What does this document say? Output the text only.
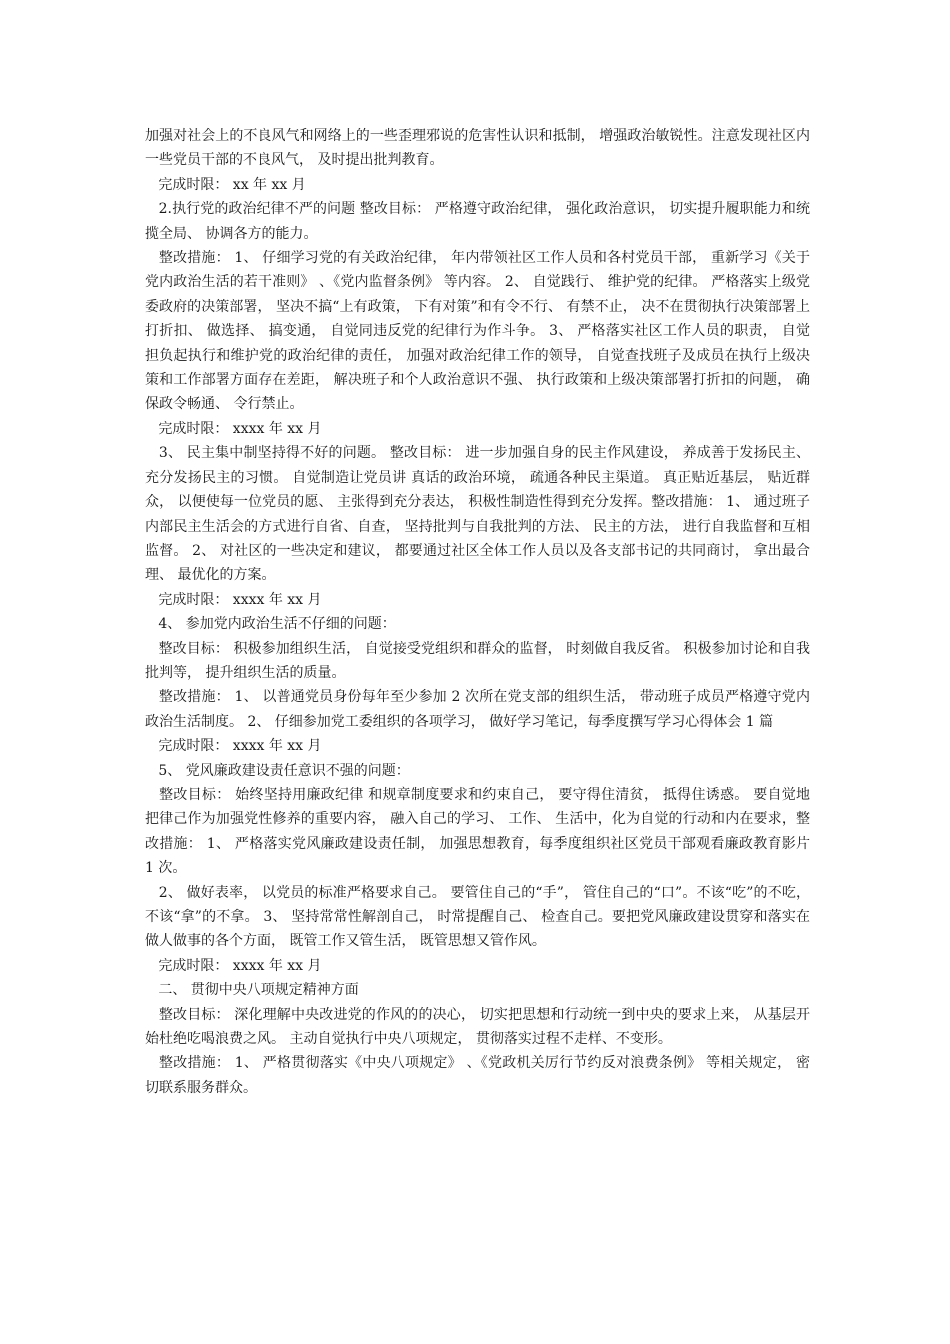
加强对社会上的不良风气和网络上的一些歪理邪说的危害性认识和抵制， 增强政治敏锐性。注意发现社区内一些党员干部的不良风气， 及时提出批判教育。

完成时限： xx 年 xx 月

2.执行党的政治纪律不严的问题 整改目标： 严格遵守政治纪律， 强化政治意识， 切实提升履职能力和统揽全局、 协调各方的能力。

整改措施： 1、 仔细学习党的有关政治纪律， 年内带领社区工作人员和各村党员干部， 重新学习《关于党内政治生活的若干准则》 、《党内监督条例》 等内容。 2、 自觉践行、 维护党的纪律。 严格落实上级党委政府的决策部署， 坚决不搞“上有政策， 下有对策”和有令不行、 有禁不止， 决不在贯彻执行决策部署上打折扣、 做选择、 搞变通， 自觉同违反党的纪律行为作斗争。 3、 严格落实社区工作人员的职责， 自觉担负起执行和维护党的政治纪律的责任， 加强对政治纪律工作的领导， 自觉查找班子及成员在执行上级决策和工作部署方面存在差距， 解决班子和个人政治意识不强、 执行政策和上级决策部署打折扣的问题， 确保政令畅通、 令行禁止。

完成时限： xxxx 年 xx 月

3、 民主集中制坚持得不好的问题。 整改目标： 进一步加强自身的民主作风建设， 养成善于发扬民主、 充分发扬民主的习惯。 自觉制造让党员讲 真话的政治环境， 疏通各种民主渠道。 真正贴近基层， 贴近群众， 以便使每一位党员的愿、 主张得到充分表达， 积极性制造性得到充分发挥。整改措施： 1、 通过班子内部民主生活会的方式进行自省、自查， 坚持批判与自我批判的方法、 民主的方法， 进行自我监督和互相监督。 2、 对社区的一些决定和建议， 都要通过社区全体工作人员以及各支部书记的共同商讨， 拿出最合理、 最优化的方案。

完成时限： xxxx 年 xx 月

4、 参加党内政治生活不仔细的问题：

整改目标： 积极参加组织生活， 自觉接受党组织和群众的监督， 时刻做自我反省。 积极参加讨论和自我批判等， 提升组织生活的质量。

整改措施： 1、 以普通党员身份每年至少参加 2 次所在党支部的组织生活， 带动班子成员严格遵守党内政治生活制度。 2、 仔细参加党工委组织的各项学习， 做好学习笔记，每季度撰写学习心得体会 1 篇

完成时限： xxxx 年 xx 月

5、 党风廉政建设责任意识不强的问题：

整改目标： 始终坚持用廉政纪律 和规章制度要求和约束自己， 要守得住清贫， 抵得住诱惑。 要自觉地把律己作为加强党性修养的重要内容， 融入自己的学习、 工作、 生活中，化为自觉的行动和内在要求，整改措施： 1、 严格落实党风廉政建设责任制， 加强思想教育，每季度组织社区党员干部观看廉政教育影片 1 次。

2、 做好表率， 以党员的标准严格要求自己。 要管住自己的“手”， 管住自己的“口”。不该“吃”的不吃， 不该“拿”的不拿。 3、 坚持常常性解剖自己， 时常提醒自己、 检查自己。要把党风廉政建设贯穿和落实在做人做事的各个方面， 既管工作又管生活， 既管思想又管作风。

完成时限： xxxx 年 xx 月

二、 贯彻中央八项规定精神方面

整改目标： 深化理解中央改进党的作风的的决心， 切实把思想和行动统一到中央的要求上来， 从基层开始杜绝吃喝浪费之风。 主动自觉执行中央八项规定， 贯彻落实过程不走样、不变形。

整改措施： 1、 严格贯彻落实《中央八项规定》 、《党政机关厉行节约反对浪费条例》 等相关规定， 密切联系服务群众。
